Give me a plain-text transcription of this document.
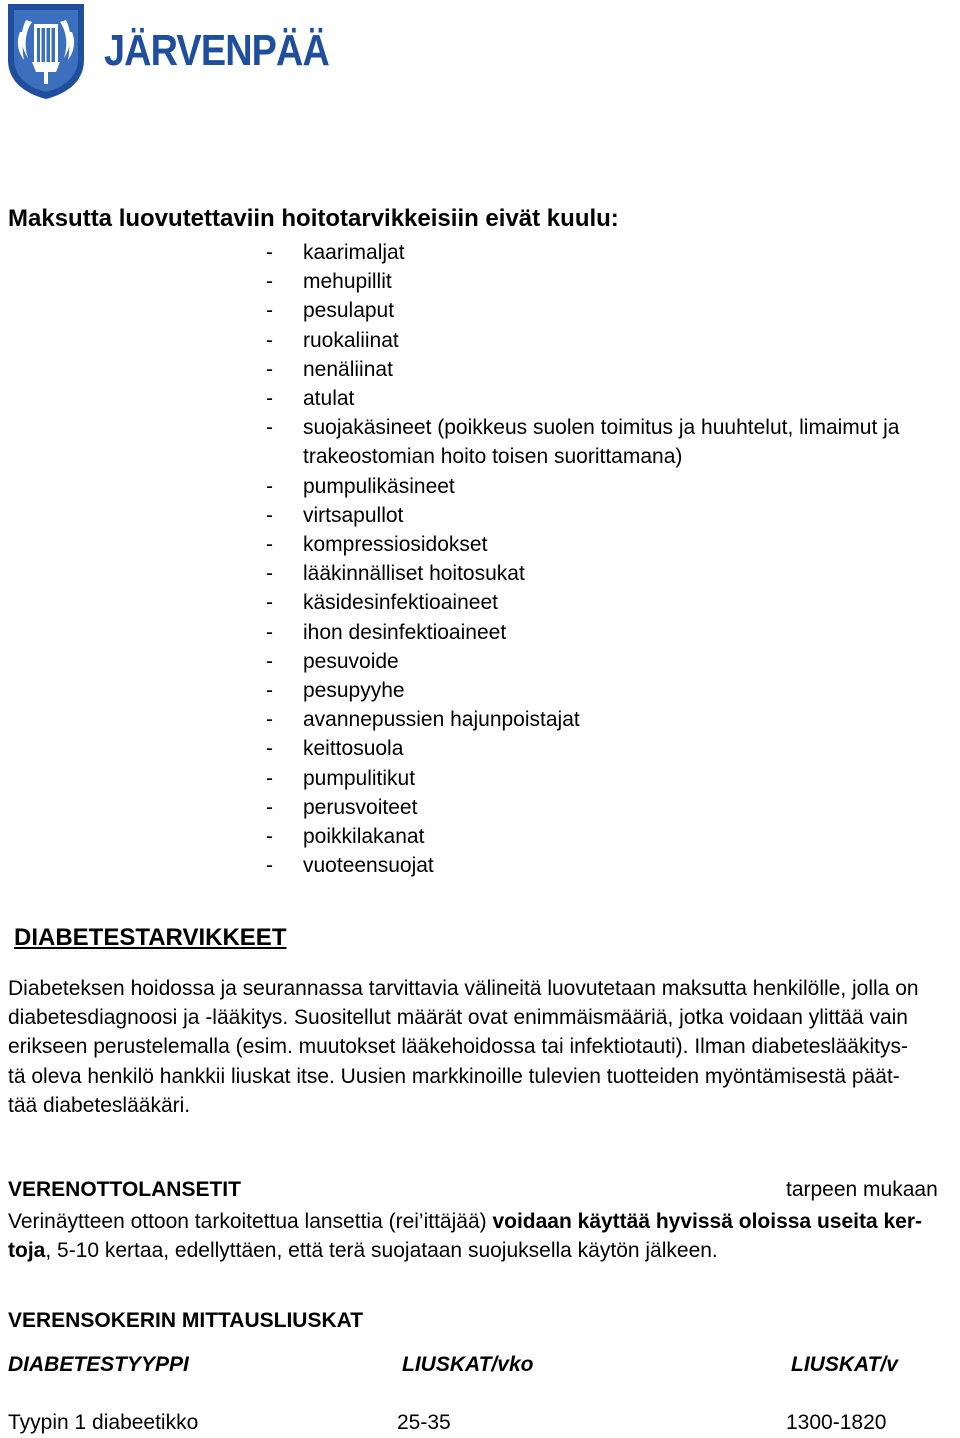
JÄRVENPÄÄ
Maksutta luovutettaviin hoitotarvikkeisiin eivät kuulu:
- kaarimaljat
- mehupillit
- pesulaput
- ruokaliinat
- nenäliinat
- atulat
- suojakäsineet (poikkeus suolen toimitus ja huuhtelut, limaimut ja trakeostomian hoito toisen suorittamana)
- pumpulikäsineet
- virtsapullot
- kompressiosidokset
- lääkinnälliset hoitosukat
- käsidesinfektioaineet
- ihon desinfektioaineet
- pesuvoide
- pesupyyhe
- avannepussien hajunpoistajat
- keittosuola
- pumpulitikut
- perusvoiteet
- poikkilakanat
- vuoteensuojat
DIABETESTARVIKKEET
Diabeteksen hoidossa ja seurannassa tarvittavia välineitä luovutetaan maksutta henkilölle, jolla on
diabetesdiagnoosi ja -lääkitys. Suositellut määrät ovat enimmäismääriä, jotka voidaan ylittää vain
erikseen perustelemalla (esim. muutokset lääkehoidossa tai infektiotauti). Ilman diabeteslääkitys-
tä oleva henkilö hankkii liuskat itse. Uusien markkinoille tulevien tuotteiden myöntämisestä päät-
tää diabeteslääkäri.
VERENOTTOLANSETIT	tarpeen mukaan
Verinäytteen ottoon tarkoitettua lansettia (rei’ittäjää) voidaan käyttää hyvissä oloissa useita ker-
toja, 5-10 kertaa, edellyttäen, että terä suojataan suojuksella käytön jälkeen.
VERENSOKERIN MITTAUSLIUSKAT
DIABETESTYYPPI	LIUSKAT/vko	LIUSKAT/v
Tyypin 1 diabeetikko	25-35	1300-1820
